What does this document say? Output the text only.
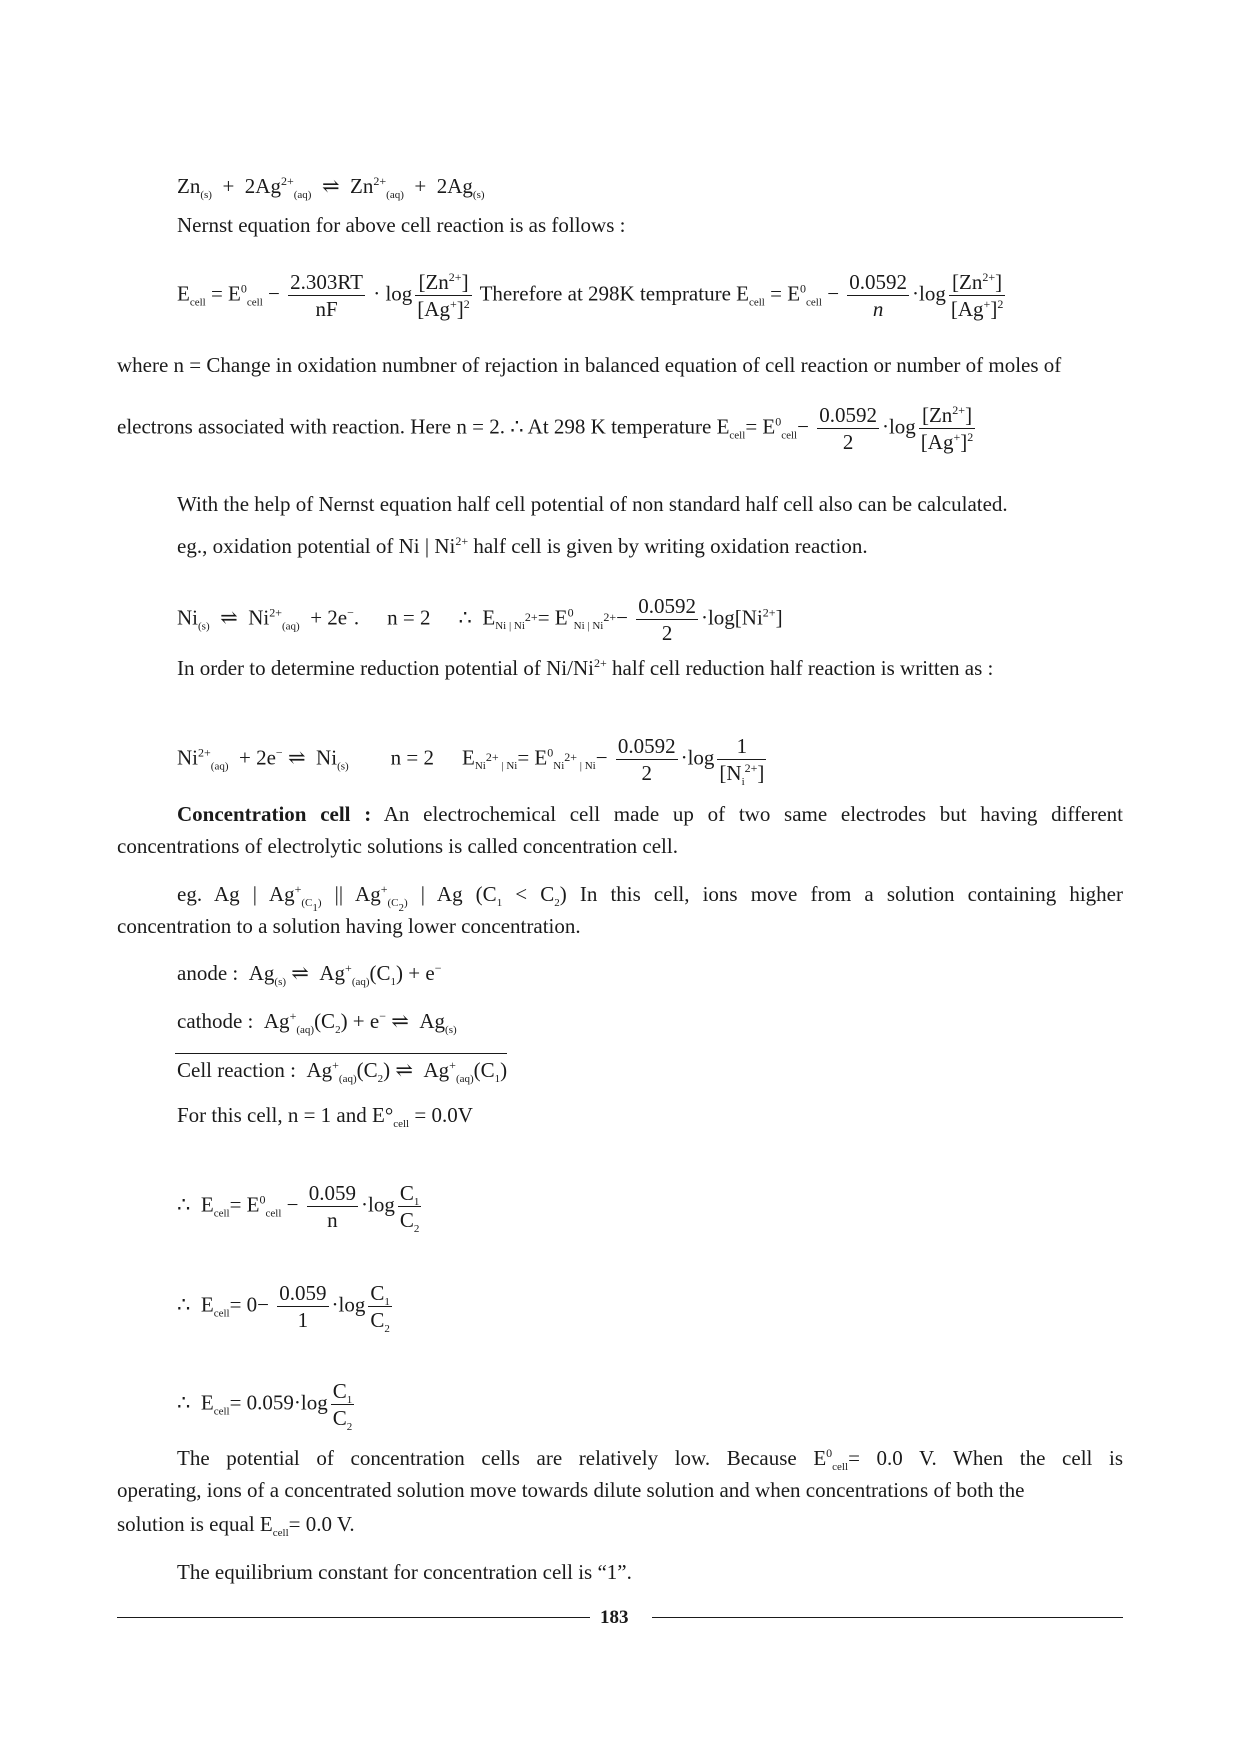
$Zn_{(s)} + 2Ag^{2+}_{(aq)}$  ⇌  $Zn^{2+}_{(aq)} + 2Ag_{(s)}$
Nernst equation for above cell reaction is as follows :
$E_{cell} = E^0_{cell} - \frac{2.303RT}{nF} \cdot \log \frac{[Zn^{2+}]}{[Ag^+]^2}$ Therefore at 298K temprature $E_{cell} = E^0_{cell} - \frac{0.0592}{n} \cdot\log \frac{[Zn^{2+}]}{[Ag^+]^2}$
where n = Change in oxidation numbner of rejaction in balanced equation of cell reaction or number of moles of
electrons associated with reaction. Here n = 2. ∴ At 298 K temperature $E_{cell}= E^0_{cell}- \frac{0.0592}{2} \cdot\log \frac{[Zn^{2+}]}{[Ag^+]^2}$
With the help of Nernst equation half cell potential of non standard half cell also can be calculated.
eg., oxidation potential of Ni | $Ni^{2+}$ half cell is given by writing oxidation reaction.
$Ni_{(s)}$  ⇌  $Ni^{2+}_{(aq)} + 2e^-$. n = 2 ∴  $E_{Ni | Ni^{2+}}= E^0_{Ni | Ni^{2+}}- \frac{0.0592}{2} \cdot\log[Ni^{2+}]$
In order to determine reduction potential of $Ni/Ni^{2+}$ half cell reduction half reaction is written as :
$Ni^{2+}_{(aq)} + 2e^-$ ⇌  $Ni_{(s)}$ n = 2 $E_{Ni^{2+} | Ni}= E^0_{Ni^{2+} | Ni}- \frac{0.0592}{2} \cdot\log \frac{1}{[N_i^{2+}]}$
Concentration cell : An electrochemical cell made up of two same electrodes but having different
concentrations of electrolytic solutions is called concentration cell.
eg. Ag | $Ag^+_{(C_1)}$ || $Ag^+_{(C_2)}$ | Ag $(C_1 < C_2)$ In this cell, ions move from a solution containing higher
concentration to a solution having lower concentration.
anode :  $Ag_{(s)}$ ⇌  $Ag^+_{(aq)}(C_1) + e^-$
cathode :  $Ag^+_{(aq)}(C_2) + e^-$ ⇌  $Ag_{(s)}$
Cell reaction :  $Ag^+_{(aq)}(C_2)$ ⇌  $Ag^+_{(aq)}(C_1)$
For this cell, n = 1 and $E^\circ_{cell} = 0.0V$
∴  $E_{cell}= E^0_{cell} - \frac{0.059}{n} \cdot\log \frac{C_1}{C_2}$
∴  $E_{cell}= 0- \frac{0.059}{1} \cdot\log \frac{C_1}{C_2}$
∴  $E_{cell}= 0.059\cdot\log \frac{C_1}{C_2}$
The potential of concentration cells are relatively low. Because $E^0_{cell}= 0.0$ V. When the cell is
operating, ions of a concentrated solution move towards dilute solution and when concentrations of both the
solution is equal $E_{cell}= 0.0$ V.
The equilibrium constant for concentration cell is “1”.
183
